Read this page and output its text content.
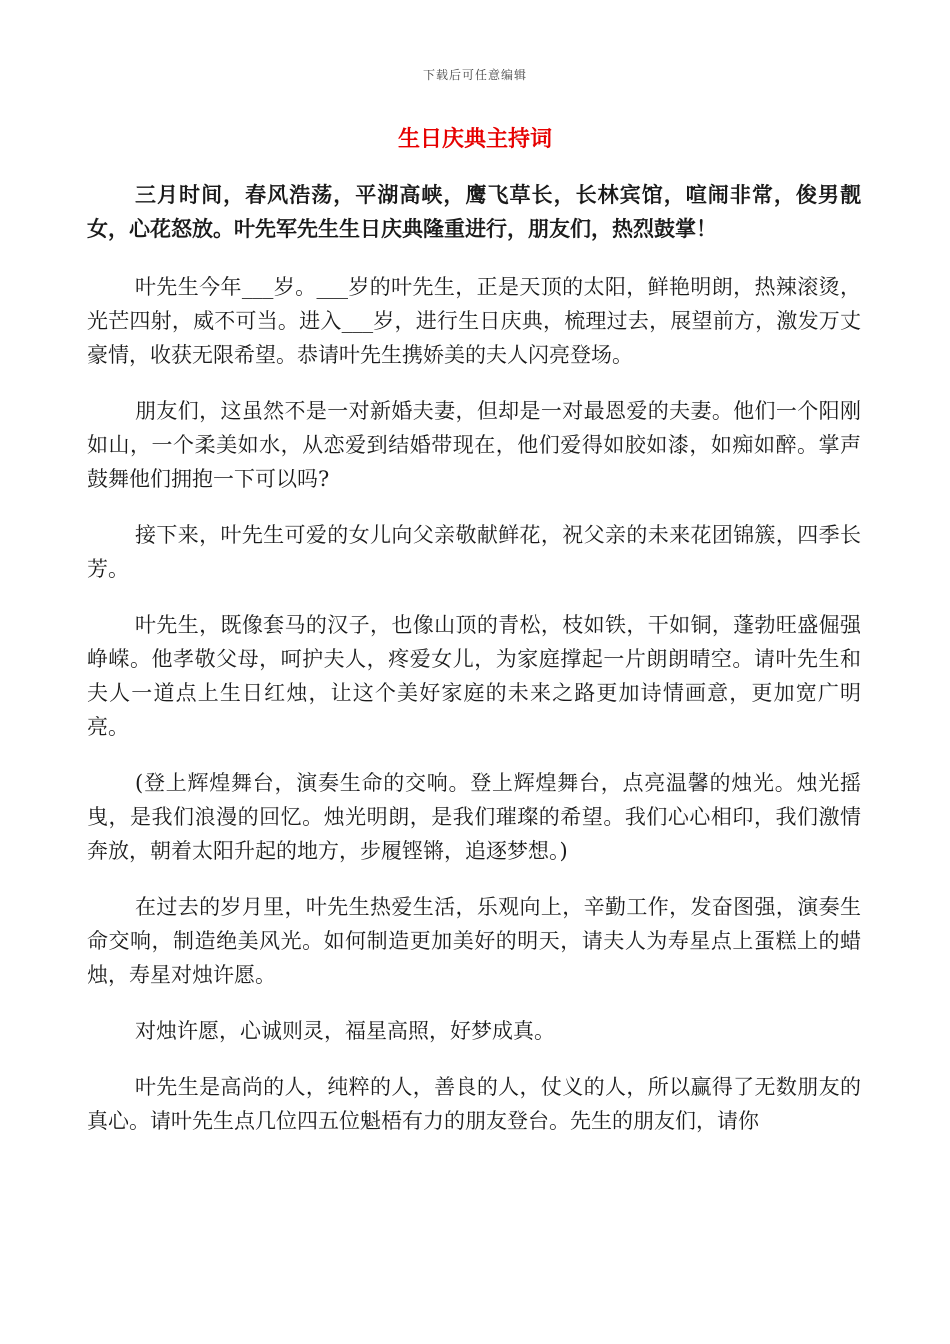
下载后可任意编辑
生日庆典主持词

三月时间，春风浩荡，平湖高峡，鹰飞草长，长林宾馆，喧闹非常，俊男靓女，心花怒放。叶先军先生生日庆典隆重进行，朋友们，热烈鼓掌！

叶先生今年___岁。___岁的叶先生，正是天顶的太阳，鲜艳明朗，热辣滚烫，光芒四射，威不可当。进入___岁，进行生日庆典，梳理过去，展望前方，激发万丈豪情，收获无限希望。恭请叶先生携娇美的夫人闪亮登场。

朋友们，这虽然不是一对新婚夫妻，但却是一对最恩爱的夫妻。他们一个阳刚如山，一个柔美如水，从恋爱到结婚带现在，他们爱得如胶如漆，如痴如醉。掌声鼓舞他们拥抱一下可以吗?

接下来，叶先生可爱的女儿向父亲敬献鲜花，祝父亲的未来花团锦簇，四季长芳。

叶先生，既像套马的汉子，也像山顶的青松，枝如铁，干如铜，蓬勃旺盛倔强峥嵘。他孝敬父母，呵护夫人，疼爱女儿，为家庭撑起一片朗朗晴空。请叶先生和夫人一道点上生日红烛，让这个美好家庭的未来之路更加诗情画意，更加宽广明亮。

(登上辉煌舞台，演奏生命的交响。登上辉煌舞台，点亮温馨的烛光。烛光摇曳，是我们浪漫的回忆。烛光明朗，是我们璀璨的希望。我们心心相印，我们激情奔放，朝着太阳升起的地方，步履铿锵，追逐梦想。)

在过去的岁月里，叶先生热爱生活，乐观向上，辛勤工作，发奋图强，演奏生命交响，制造绝美风光。如何制造更加美好的明天，请夫人为寿星点上蛋糕上的蜡烛，寿星对烛许愿。

对烛许愿，心诚则灵，福星高照，好梦成真。

叶先生是高尚的人，纯粹的人，善良的人，仗义的人，所以赢得了无数朋友的真心。请叶先生点几位四五位魁梧有力的朋友登台。先生的朋友们，请你
